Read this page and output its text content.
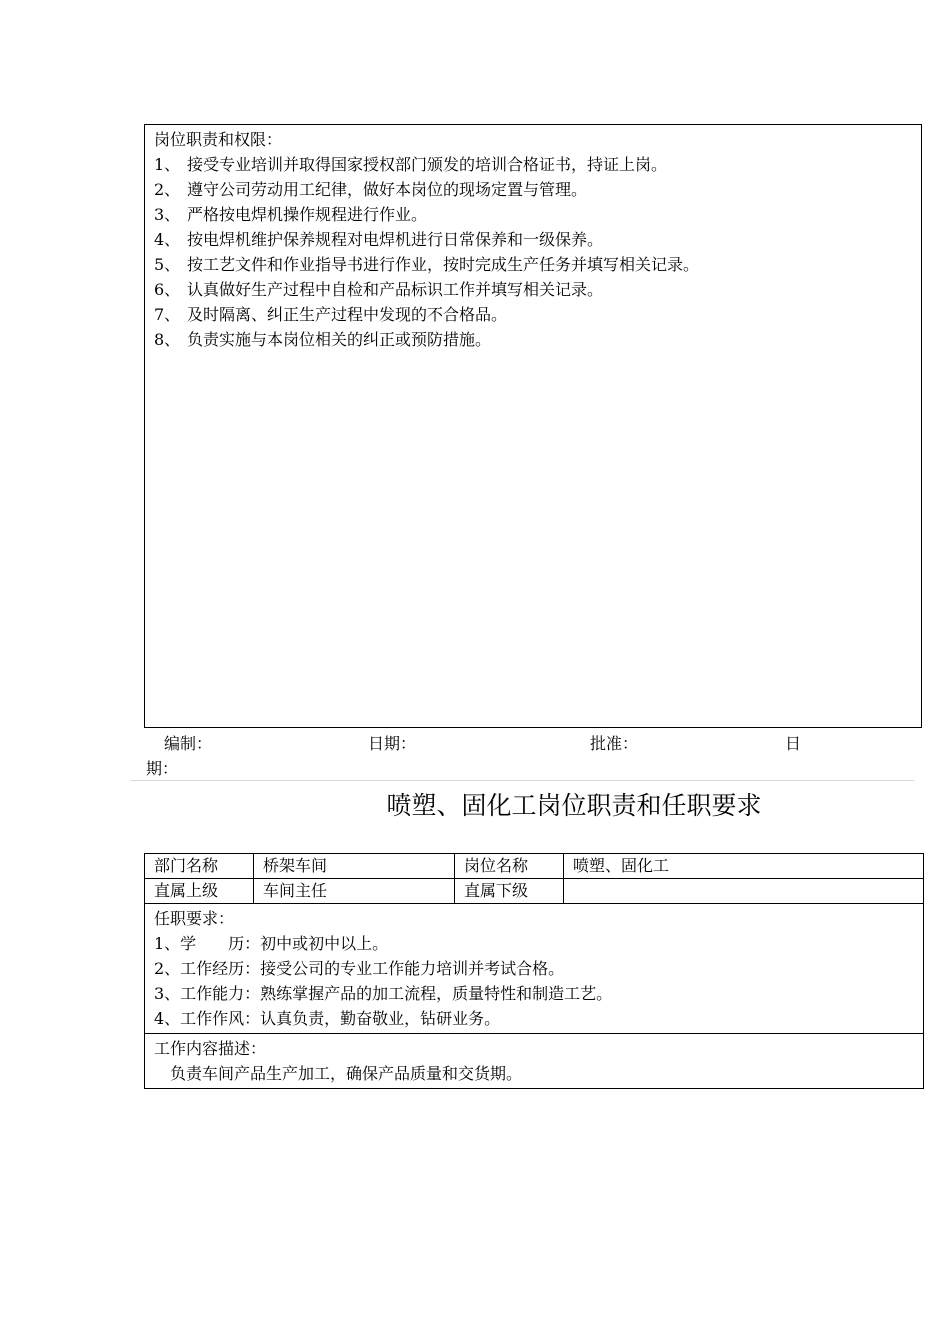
岗位职责和权限：
1、 接受专业培训并取得国家授权部门颁发的培训合格证书，持证上岗。
2、 遵守公司劳动用工纪律，做好本岗位的现场定置与管理。
3、 严格按电焊机操作规程进行作业。
4、 按电焊机维护保养规程对电焊机进行日常保养和一级保养。
5、 按工艺文件和作业指导书进行作业，按时完成生产任务并填写相关记录。
6、 认真做好生产过程中自检和产品标识工作并填写相关记录。
7、 及时隔离、纠正生产过程中发现的不合格品。
8、 负责实施与本岗位相关的纠正或预防措施。
编制：	日期：	批准：	日
期：
喷塑、固化工岗位职责和任职要求
部门名称	桥架车间	岗位名称	喷塑、固化工
直属上级	车间主任	直属下级	

任职要求：
1、学　　历：初中或初中以上。
2、工作经历：接受公司的专业工作能力培训并考试合格。
3、工作能力：熟练掌握产品的加工流程，质量特性和制造工艺。
4、工作作风：认真负责，勤奋敬业，钻研业务。			

工作内容描述：
负责车间产品生产加工，确保产品质量和交货期。			
